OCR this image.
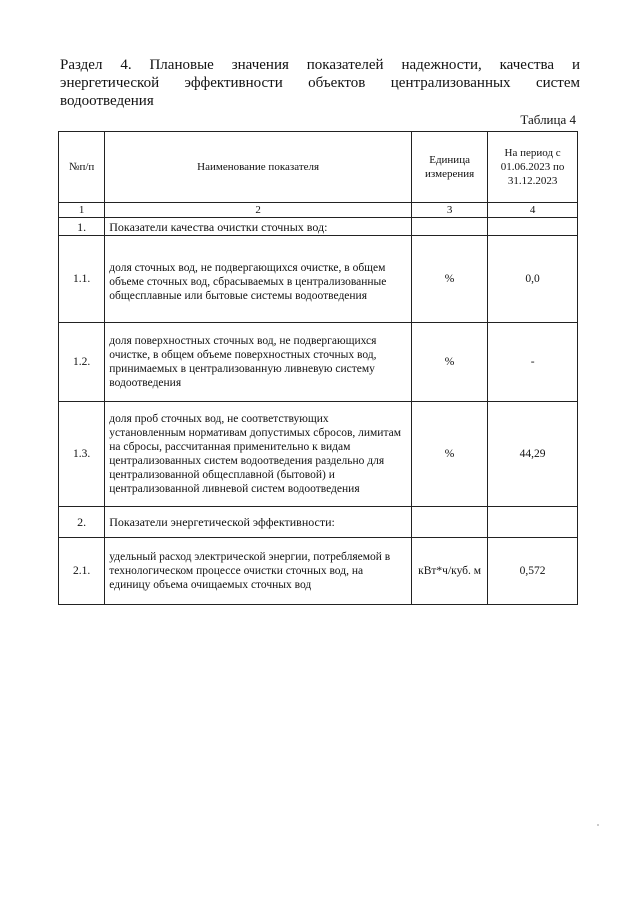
Раздел 4. Плановые значения показателей надежности, качества и
энергетической эффективности объектов централизованных систем
водоотведения
Таблица 4
№п/п	Наименование показателя	Единица измерения	На период с 01.06.2023 по 31.12.2023
1	2	3	4
1.	Показатели качества очистки сточных вод:		
1.1.	доля сточных вод, не подвергающихся очистке, в общем объеме сточных вод, сбрасываемых в централизованные общесплавные или бытовые системы водоотведения	%	0,0
1.2.	доля поверхностных сточных вод, не подвергающихся очистке, в общем объеме поверхностных сточных вод, принимаемых в централизованную ливневую систему водоотведения	%	-
1.3.	доля проб сточных вод, не соответствующих установленным нормативам допустимых сбросов, лимитам на сбросы, рассчитанная применительно к видам централизованных систем водоотведения раздельно для централизованной общесплавной (бытовой) и централизованной ливневой систем водоотведения	%	44,29
2.	Показатели энергетической эффективности:		
2.1.	удельный расход электрической энергии, потребляемой в технологическом процессе очистки сточных вод, на единицу объема очищаемых сточных вод	кВт*ч/куб. м	0,572
